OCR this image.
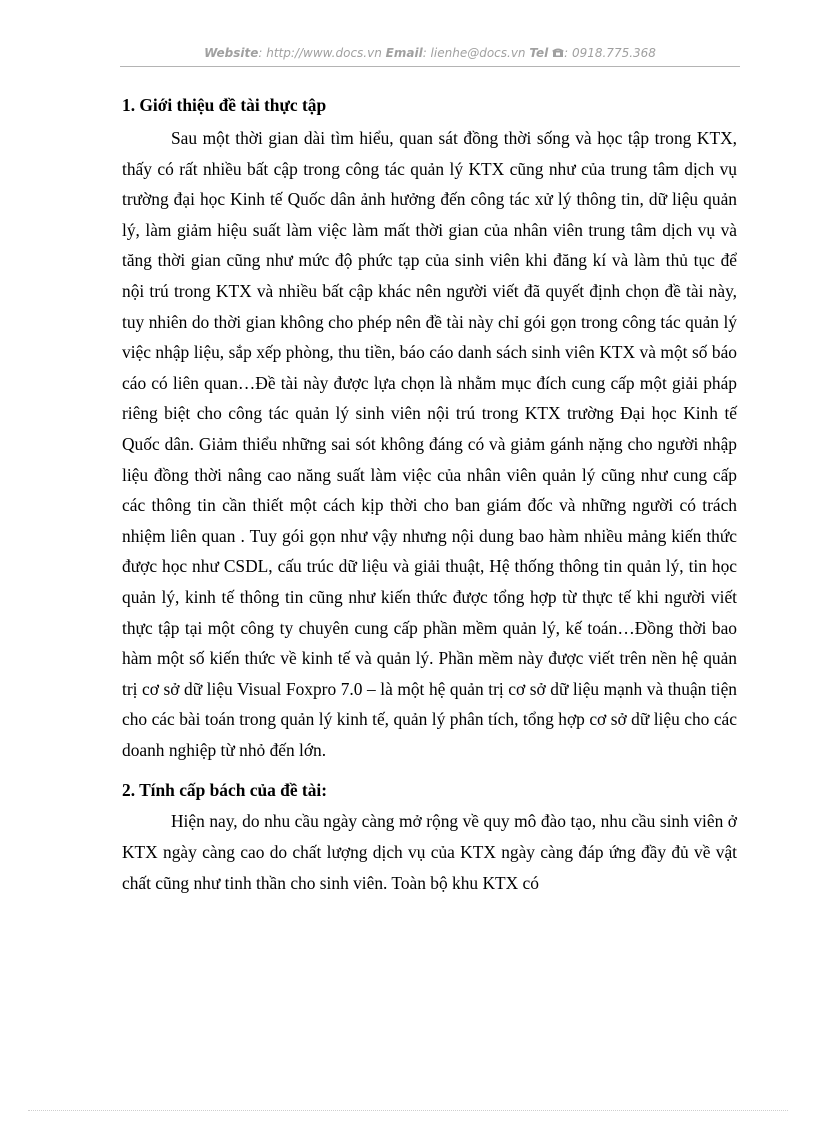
Website: http://www.docs.vn Email: lienhe@docs.vn Tel : 0918.775.368
1. Giới thiệu đề tài thực tập

Sau một thời gian dài tìm hiểu, quan sát đồng thời sống và học tập trong KTX, thấy có rất nhiều bất cập trong công tác quản lý KTX cũng như của trung tâm dịch vụ trường đại học Kinh tế Quốc dân ảnh hưởng đến công tác xử lý thông tin, dữ liệu quản lý, làm giảm hiệu suất làm việc làm mất thời gian của nhân viên trung tâm dịch vụ và tăng thời gian cũng như mức độ phức tạp của sinh viên khi đăng kí và làm thủ tục để nội trú trong KTX và nhiều bất cập khác nên người viết đã quyết định chọn đề tài này, tuy nhiên do thời gian không cho phép nên đề tài này chỉ gói gọn trong công tác quản lý việc nhập liệu, sắp xếp phòng, thu tiền, báo cáo danh sách sinh viên KTX và một số báo cáo có liên quan…Đề tài này được lựa chọn là nhằm mục đích cung cấp một giải pháp riêng biệt cho công tác quản lý sinh viên nội trú trong KTX trường Đại học Kinh tế Quốc dân. Giảm thiểu những sai sót không đáng có và giảm gánh nặng cho người nhập liệu đồng thời nâng cao năng suất làm việc của nhân viên quản lý cũng như cung cấp các thông tin cần thiết một cách kịp thời cho ban giám đốc và những người có trách nhiệm liên quan . Tuy gói gọn như vậy nhưng nội dung bao hàm nhiều mảng kiến thức được học như CSDL, cấu trúc dữ liệu và giải thuật, Hệ thống thông tin quản lý, tin học quản lý, kinh tế thông tin cũng như kiến thức được tổng hợp từ thực tế khi người viết thực tập tại một công ty chuyên cung cấp phần mềm quản lý, kế toán…Đồng thời bao hàm một số kiến thức về kinh tế và quản lý. Phần mềm này được viết trên nền hệ quản trị cơ sở dữ liệu Visual Foxpro 7.0 – là một hệ quản trị cơ sở dữ liệu mạnh và thuận tiện cho các bài toán trong quản lý kinh tế, quản lý phân tích, tổng hợp cơ sở dữ liệu cho các doanh nghiệp từ nhỏ đến lớn.

2. Tính cấp bách của đề tài:

Hiện nay, do nhu cầu ngày càng mở rộng về quy mô đào tạo, nhu cầu sinh viên ở KTX ngày càng cao do chất lượng dịch vụ của KTX ngày càng đáp ứng đầy đủ về vật chất cũng như tinh thần cho sinh viên. Toàn bộ khu KTX có
